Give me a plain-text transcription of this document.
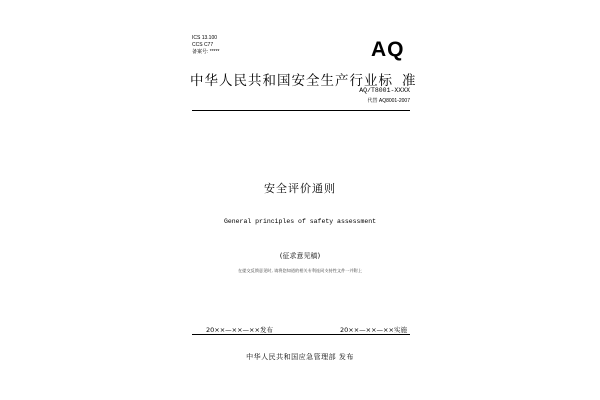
ICS 13.100
CCS C77
备案号: *****	AQ
中华人民共和国安全生产行业标 准
AQ/T8001-XXXX
代替 AQ8001-2007
安全评价通则
General principles of safety assessment
(征求意见稿)
在提交反馈意见时, 请将您知道的相关专利连同支持性文件一并附上
20××—××—××发布	20××—××—××实施
中华人民共和国应急管理部 发布
